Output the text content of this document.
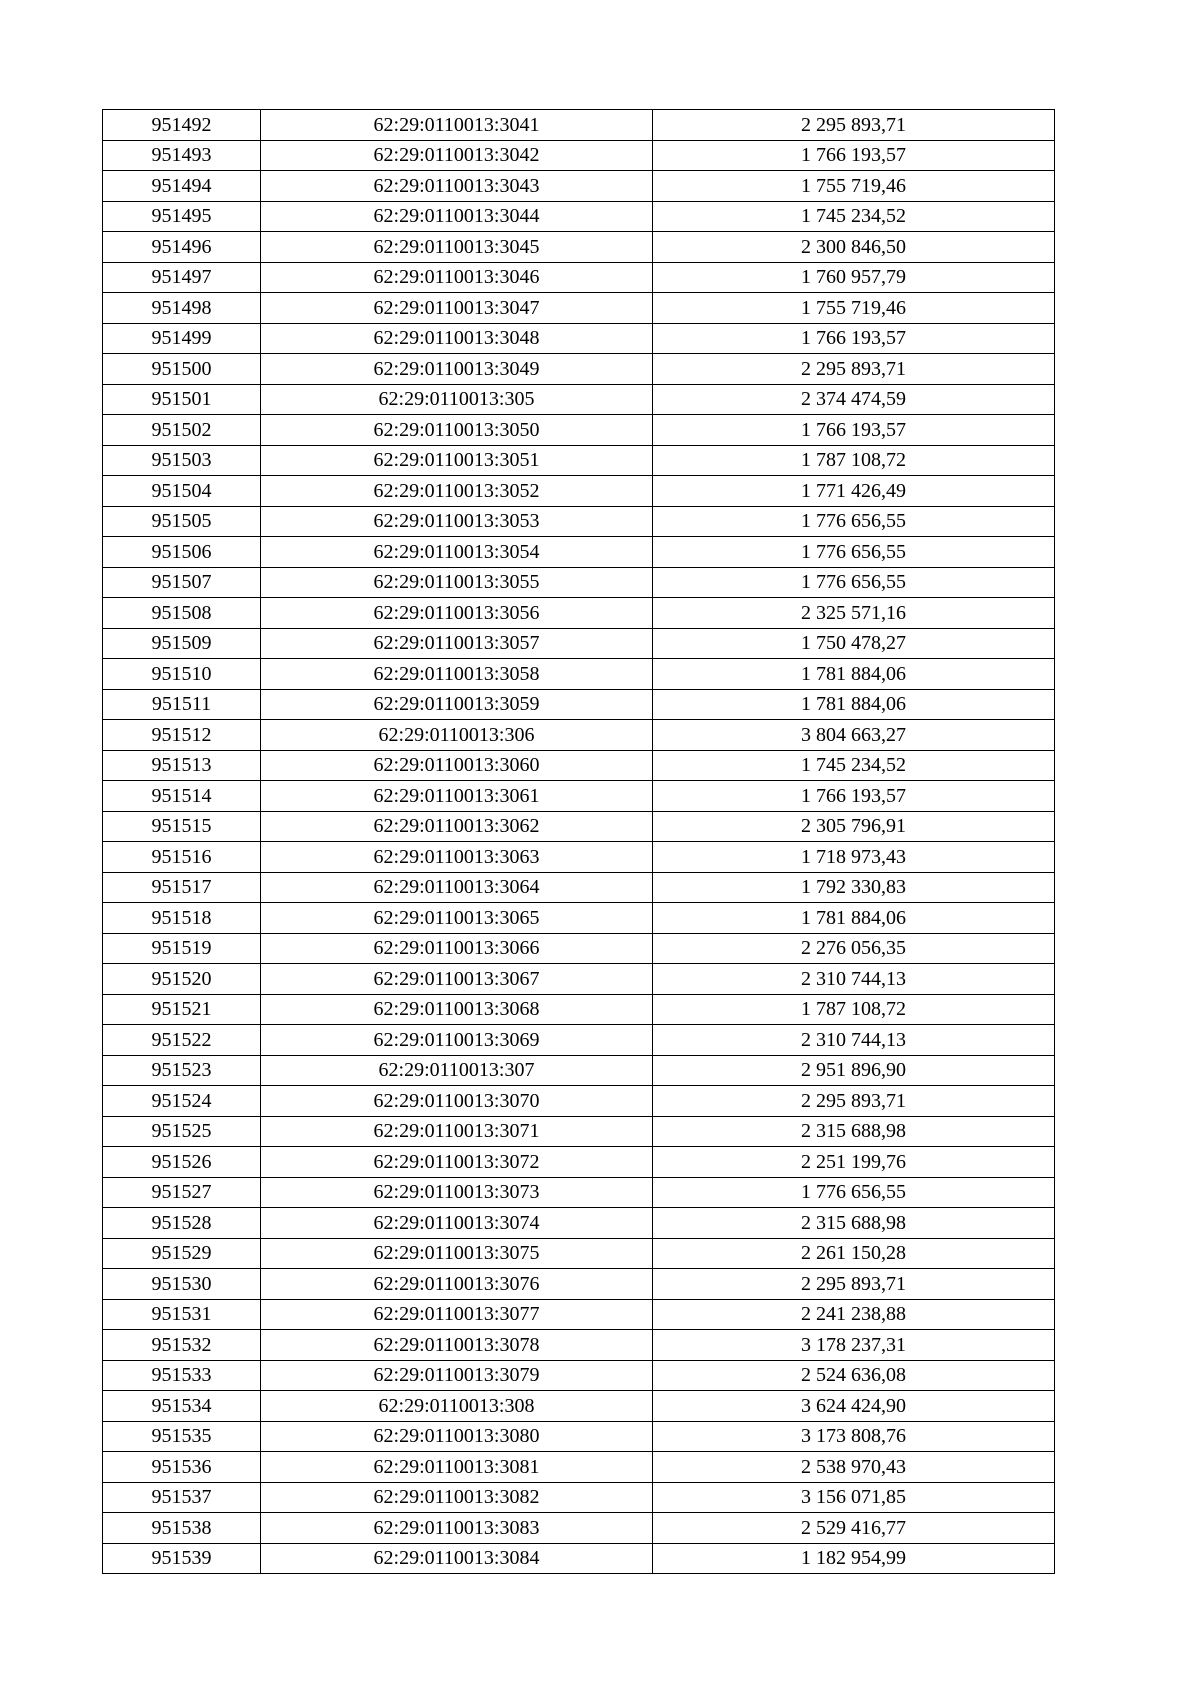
951492	62:29:0110013:3041	2 295 893,71
951493	62:29:0110013:3042	1 766 193,57
951494	62:29:0110013:3043	1 755 719,46
951495	62:29:0110013:3044	1 745 234,52
951496	62:29:0110013:3045	2 300 846,50
951497	62:29:0110013:3046	1 760 957,79
951498	62:29:0110013:3047	1 755 719,46
951499	62:29:0110013:3048	1 766 193,57
951500	62:29:0110013:3049	2 295 893,71
951501	62:29:0110013:305	2 374 474,59
951502	62:29:0110013:3050	1 766 193,57
951503	62:29:0110013:3051	1 787 108,72
951504	62:29:0110013:3052	1 771 426,49
951505	62:29:0110013:3053	1 776 656,55
951506	62:29:0110013:3054	1 776 656,55
951507	62:29:0110013:3055	1 776 656,55
951508	62:29:0110013:3056	2 325 571,16
951509	62:29:0110013:3057	1 750 478,27
951510	62:29:0110013:3058	1 781 884,06
951511	62:29:0110013:3059	1 781 884,06
951512	62:29:0110013:306	3 804 663,27
951513	62:29:0110013:3060	1 745 234,52
951514	62:29:0110013:3061	1 766 193,57
951515	62:29:0110013:3062	2 305 796,91
951516	62:29:0110013:3063	1 718 973,43
951517	62:29:0110013:3064	1 792 330,83
951518	62:29:0110013:3065	1 781 884,06
951519	62:29:0110013:3066	2 276 056,35
951520	62:29:0110013:3067	2 310 744,13
951521	62:29:0110013:3068	1 787 108,72
951522	62:29:0110013:3069	2 310 744,13
951523	62:29:0110013:307	2 951 896,90
951524	62:29:0110013:3070	2 295 893,71
951525	62:29:0110013:3071	2 315 688,98
951526	62:29:0110013:3072	2 251 199,76
951527	62:29:0110013:3073	1 776 656,55
951528	62:29:0110013:3074	2 315 688,98
951529	62:29:0110013:3075	2 261 150,28
951530	62:29:0110013:3076	2 295 893,71
951531	62:29:0110013:3077	2 241 238,88
951532	62:29:0110013:3078	3 178 237,31
951533	62:29:0110013:3079	2 524 636,08
951534	62:29:0110013:308	3 624 424,90
951535	62:29:0110013:3080	3 173 808,76
951536	62:29:0110013:3081	2 538 970,43
951537	62:29:0110013:3082	3 156 071,85
951538	62:29:0110013:3083	2 529 416,77
951539	62:29:0110013:3084	1 182 954,99
